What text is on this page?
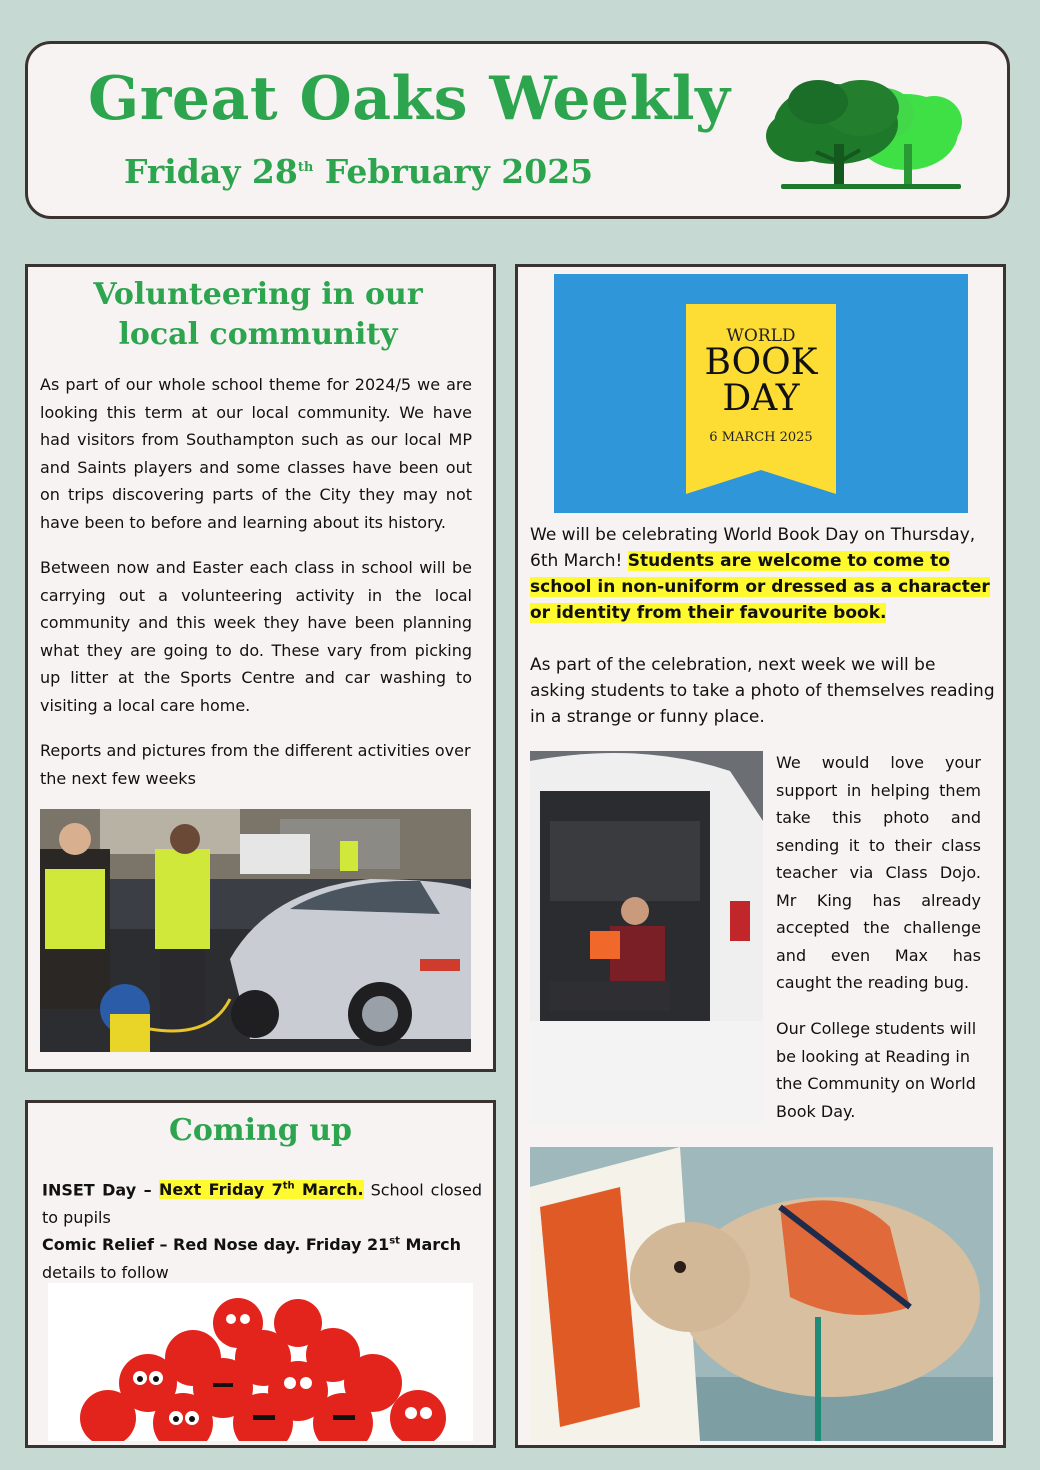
Great Oaks Weekly
Friday 28th February 2025
Volunteering in our local community
As part of our whole school theme for 2024/5 we are looking this term at our local community. We have had visitors from Southampton such as our local MP and Saints players and some classes have been out on trips discovering parts of the City they may not have been to before and learning about its history.
Between now and Easter each class in school will be carrying out a volunteering activity in the local community and this week they have been planning what they are going to do. These vary from picking up litter at the Sports Centre and car washing to visiting a local care home.
Reports and pictures from the different activities over the next few weeks
Coming up
INSET Day – Next Friday 7th March. School closed to pupils
Comic Relief – Red Nose day. Friday 21st March details to follow
WORLD
BOOK
DAY
6 MARCH 2025
We will be celebrating World Book Day on Thursday, 6th March! Students are welcome to come to school in non-uniform or dressed as a character or identity from their favourite book.
As part of the celebration, next week we will be asking students to take a photo of themselves reading in a strange or funny place.
We would love your support in helping them take this photo and sending it to their class teacher via Class Dojo. Mr King has already accepted the challenge and even Max has caught the reading bug.
Our College students will be looking at Reading in the Community on World Book Day.
